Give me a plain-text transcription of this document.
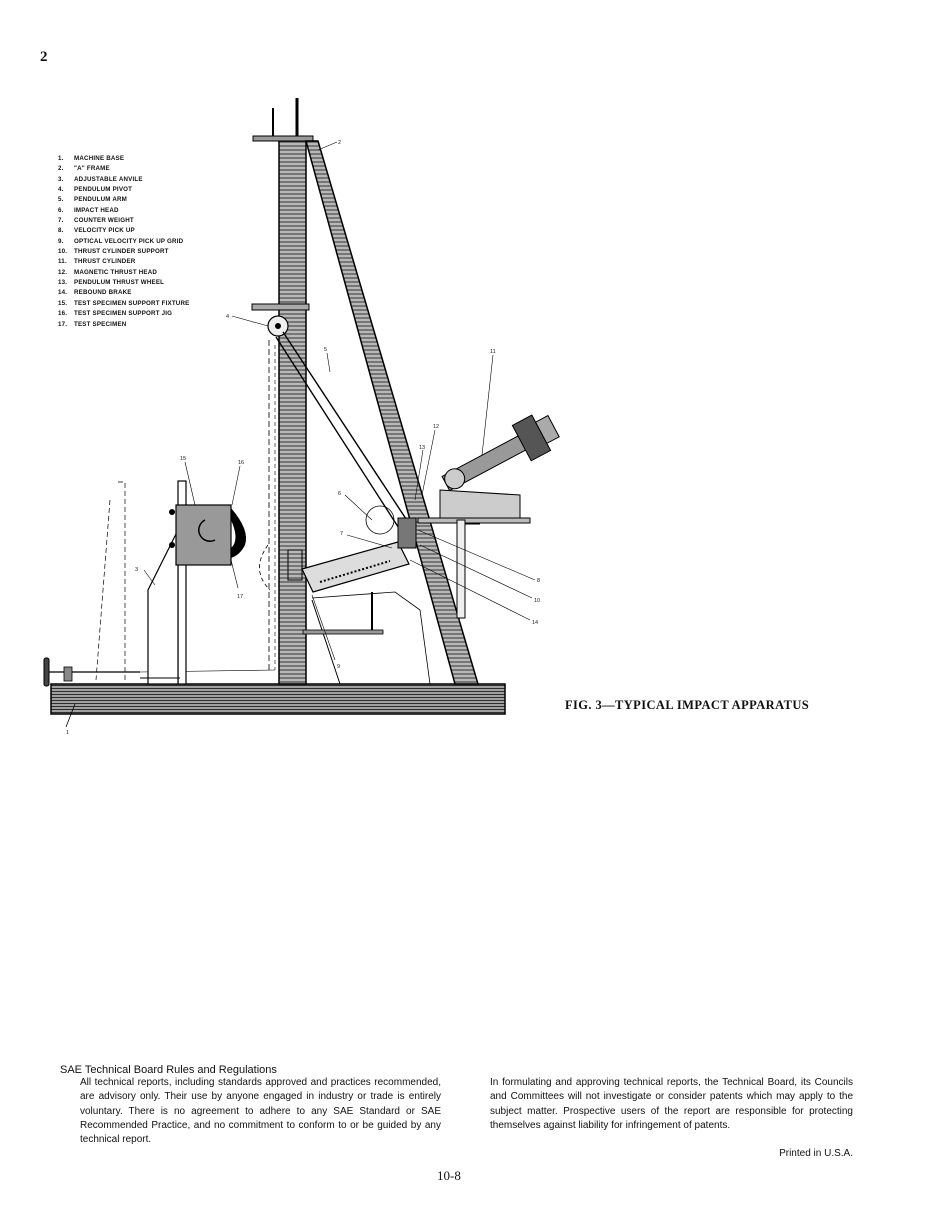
2
1. MACHINE BASE
2. "A" FRAME
3. ADJUSTABLE ANVILE
4. PENDULUM PIVOT
5. PENDULUM ARM
6. IMPACT HEAD
7. COUNTER WEIGHT
8. VELOCITY PICK UP
9. OPTICAL VELOCITY PICK UP GRID
10. THRUST CYLINDER SUPPORT
11. THRUST CYLINDER
12. MAGNETIC THRUST HEAD
13. PENDULUM THRUST WHEEL
14. REBOUND BRAKE
15. TEST SPECIMEN SUPPORT FIXTURE
16. TEST SPECIMEN SUPPORT JIG
17. TEST SPECIMEN
1
2
3
4
5
6
7
8
9
10
11
12
13
14
15
16
17
FIG. 3—TYPICAL IMPACT APPARATUS
SAE Technical Board Rules and Regulations

All technical reports, including standards approved and practices recommended, are advisory only. Their use by anyone engaged in industry or trade is entirely voluntary. There is no agreement to adhere to any SAE Standard or SAE Recommended Practice, and no commitment to conform to or be guided by any technical report.

In formulating and approving technical reports, the Technical Board, its Councils and Committees will not investigate or consider patents which may apply to the subject matter. Prospective users of the report are responsible for protecting themselves against liability for infringement of patents.

Printed in U.S.A.
10-8
